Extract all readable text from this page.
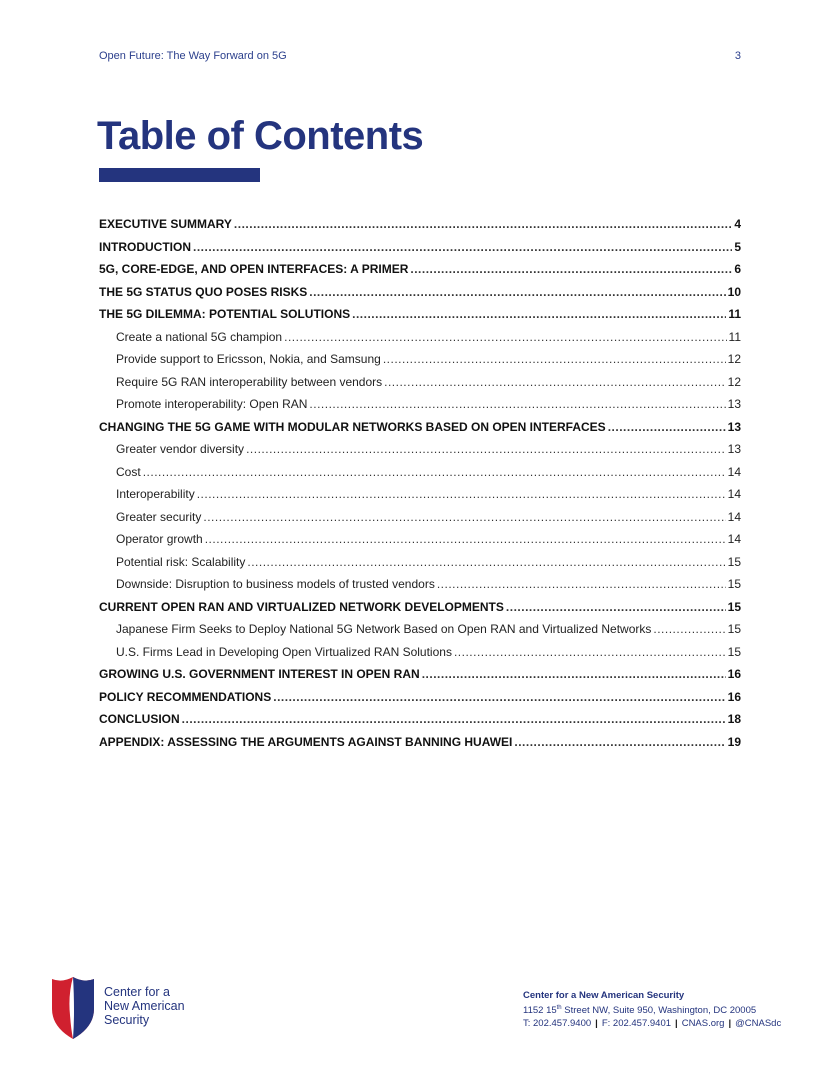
Open Future: The Way Forward on 5G	3
Table of Contents
EXECUTIVE SUMMARY .....	4
INTRODUCTION .....	5
5G, CORE-EDGE, AND OPEN INTERFACES: A PRIMER .....	6
THE 5G STATUS QUO POSES RISKS .....	10
THE 5G DILEMMA: POTENTIAL SOLUTIONS .....	11
Create a national 5G champion .....	11
Provide support to Ericsson, Nokia, and Samsung .....	12
Require 5G RAN interoperability between vendors .....	12
Promote interoperability: Open RAN .....	13
CHANGING THE 5G GAME WITH MODULAR NETWORKS BASED ON OPEN INTERFACES .....	13
Greater vendor diversity .....	13
Cost .....	14
Interoperability .....	14
Greater security .....	14
Operator growth .....	14
Potential risk: Scalability .....	15
Downside: Disruption to business models of trusted vendors .....	15
CURRENT OPEN RAN AND VIRTUALIZED NETWORK DEVELOPMENTS .....	15
Japanese Firm Seeks to Deploy National 5G Network Based on Open RAN and Virtualized Networks .....	15
U.S. Firms Lead in Developing Open Virtualized RAN Solutions .....	15
GROWING U.S. GOVERNMENT INTEREST IN OPEN RAN .....	16
POLICY RECOMMENDATIONS .....	16
CONCLUSION .....	18
APPENDIX: ASSESSING THE ARGUMENTS AGAINST BANNING HUAWEI .....	19
Center for a
New American
Security
Center for a New American Security
1152 15th Street NW, Suite 950, Washington, DC 20005
T: 202.457.9400 | F: 202.457.9401 | CNAS.org | @CNASdc
